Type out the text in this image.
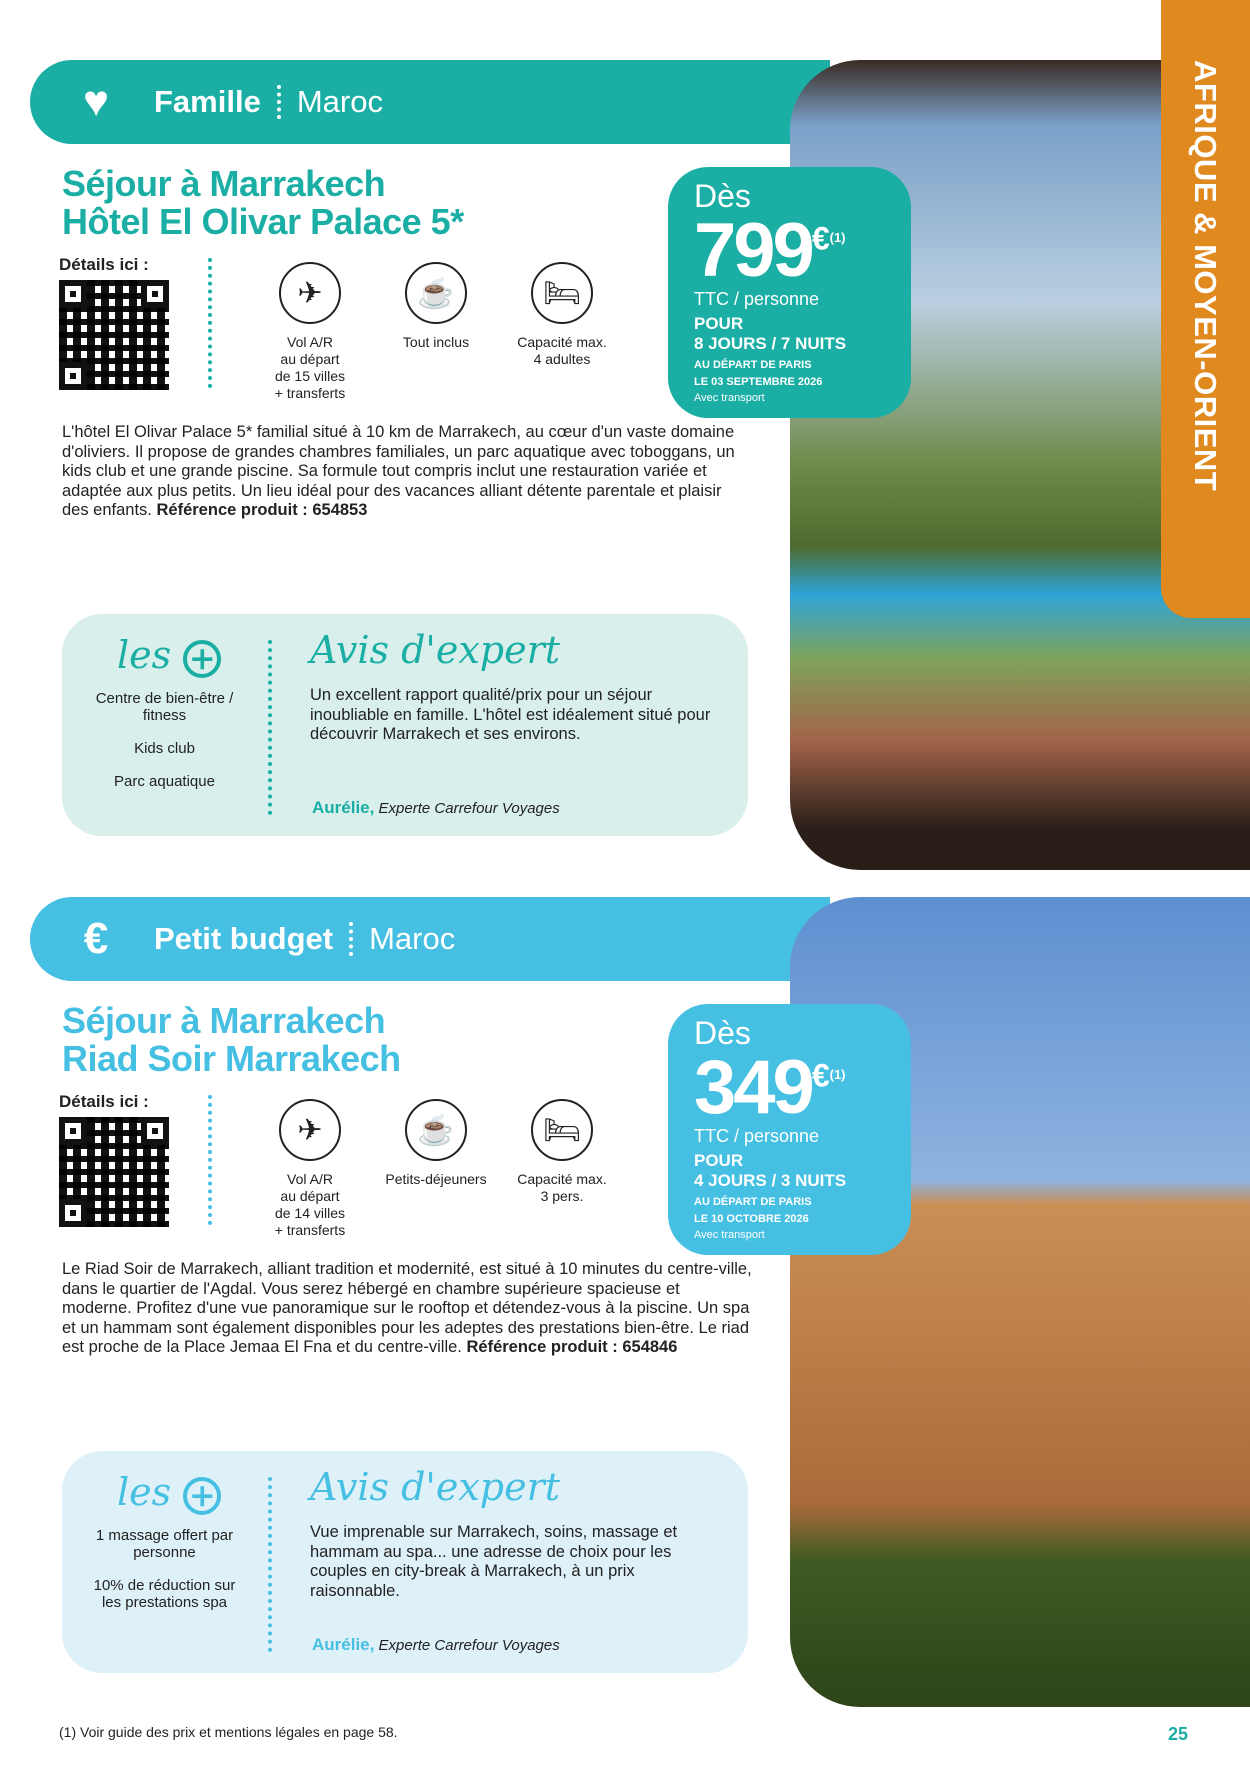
♥	Famille Maroc
Séjour à Marrakech
Hôtel El Olivar Palace 5*
Dès
$799^{€(1)}$
TTC / personne
POUR
8 JOURS / 7 NUITS
AU DÉPART DE PARIS
LE 03 SEPTEMBRE 2026
Avec transport
Détails ici :
✈
Vol A/R
au départ
de 15 villes
+ transferts
☕
Tout inclus
🛏
Capacité max.
4 adultes
L'hôtel El Olivar Palace 5* familial situé à 10 km de Marrakech, au cœur d'un vaste domaine d'oliviers. Il propose de grandes chambres familiales, un parc aquatique avec toboggans, un kids club et une grande piscine. Sa formule tout compris inclut une restauration variée et adaptée aux plus petits. Un lieu idéal pour des vacances alliant détente parentale et plaisir des enfants. Référence produit : 654853
les +
Centre de bien-être / fitness
Kids club
Parc aquatique
Avis d'expert
Un excellent rapport qualité/prix pour un séjour inoubliable en famille. L'hôtel est idéalement situé pour découvrir Marrakech et ses environs.
Aurélie, Experte Carrefour Voyages
€	Petit budget Maroc
Séjour à Marrakech
Riad Soir Marrakech
Dès
$349^{€(1)}$
TTC / personne
POUR
4 JOURS / 3 NUITS
AU DÉPART DE PARIS
LE 10 OCTOBRE 2026
Avec transport
Détails ici :
✈
Vol A/R
au départ
de 14 villes
+ transferts
☕
Petits-déjeuners
🛏
Capacité max.
3 pers.
Le Riad Soir de Marrakech, alliant tradition et modernité, est situé à 10 minutes du centre-ville, dans le quartier de l'Agdal. Vous serez hébergé en chambre supérieure spacieuse et moderne. Profitez d'une vue panoramique sur le rooftop et détendez-vous à la piscine. Un spa et un hammam sont également disponibles pour les adeptes des prestations bien-être. Le riad est proche de la Place Jemaa El Fna et du centre-ville. Référence produit : 654846
les +
1 massage offert par personne
10% de réduction sur les prestations spa
Avis d'expert
Vue imprenable sur Marrakech, soins, massage et hammam au spa... une adresse de choix pour les couples en city-break à Marrakech, à un prix raisonnable.
Aurélie, Experte Carrefour Voyages
AFRIQUE & MOYEN-ORIENT
(1) Voir guide des prix et mentions légales en page 58.	25
